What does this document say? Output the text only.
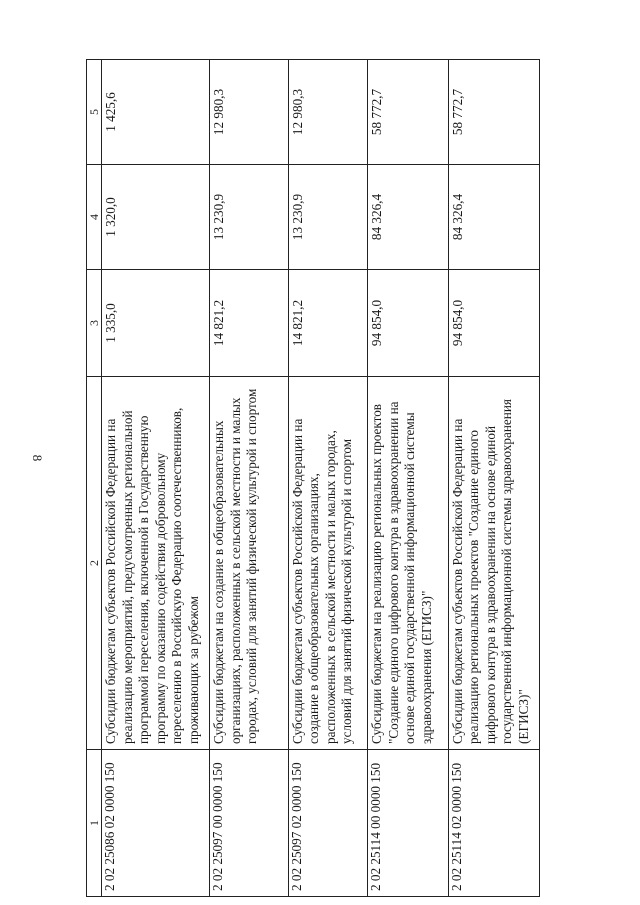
8
1	2	3	4	5
2 02 25086 02 0000 150	Субсидии бюджетам субъектов Российской Федерации на реализацию мероприятий, предусмотренных региональной программой переселения, включенной в Государственную программу по оказанию содействия добровольному переселению в Российскую Федерацию соотечественников, проживающих за рубежом	1 335,0	1 320,0	1 425,6
2 02 25097 00 0000 150	Субсидии бюджетам на создание в общеобразовательных организациях, расположенных в сельской местности и малых городах, условий для занятий физической культурой и спортом	14 821,2	13 230,9	12 980,3
2 02 25097 02 0000 150	Субсидии бюджетам субъектов Российской Федерации на создание в общеобразовательных организациях, расположенных в сельской местности и малых городах, условий для занятий физической культурой и спортом	14 821,2	13 230,9	12 980,3
2 02 25114 00 0000 150	Субсидии бюджетам на реализацию региональных проектов "Создание единого цифрового контура в здравоохранении на основе единой государственной информационной системы здравоохранения (ЕГИСЗ)"	94 854,0	84 326,4	58 772,7
2 02 25114 02 0000 150	Субсидии бюджетам субъектов Российской Федерации на реализацию региональных проектов "Создание единого цифрового контура в здравоохранении на основе единой государственной информационной системы здравоохранения (ЕГИСЗ)"	94 854,0	84 326,4	58 772,7
